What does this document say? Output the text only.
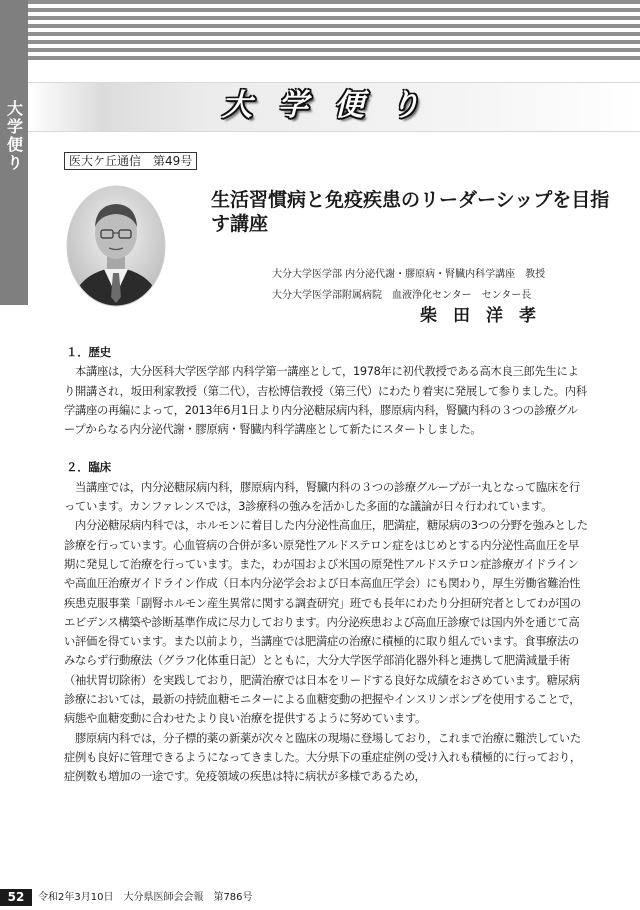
大学便り	大学便り
医大ケ丘通信　第49号
生活習慣病と免疫疾患のリーダーシップを目指す講座
大分大学医学部 内分泌代謝・膠原病・腎臓内科学講座　教授
大分大学医学部附属病院　血液浄化センター　センター長
柴田洋孝
１．歴史

　本講座は，大分医科大学医学部 内科学第一講座として，1978年に初代教授である高木良三郎先生により開講され，坂田利家教授（第二代），吉松博信教授（第三代）にわたり着実に発展して参りました。内科学講座の再編によって，2013年6月1日より内分泌糖尿病内科，膠原病内科，腎臓内科の３つの診療グループからなる内分泌代謝・膠原病・腎臓内科学講座として新たにスタートしました。

２．臨床

　当講座では，内分泌糖尿病内科，膠原病内科，腎臓内科の３つの診療グループが一丸となって臨床を行っています。カンファレンスでは，3診療科の強みを活かした多面的な議論が日々行われています。

　内分泌糖尿病内科では，ホルモンに着目した内分泌性高血圧，肥満症，糖尿病の3つの分野を強みとした診療を行っています。心血管病の合併が多い原発性アルドステロン症をはじめとする内分泌性高血圧を早期に発見して治療を行っています。また，わが国および米国の原発性アルドステロン症診療ガイドラインや高血圧治療ガイドライン作成（日本内分泌学会および日本高血圧学会）にも関わり，厚生労働省難治性疾患克服事業「副腎ホルモン産生異常に関する調査研究」班でも長年にわたり分担研究者としてわが国のエビデンス構築や診断基準作成に尽力しております。内分泌疾患および高血圧診療では国内外を通じて高い評価を得ています。また以前より，当講座では肥満症の治療に積極的に取り組んでいます。食事療法のみならず行動療法（グラフ化体重日記）とともに，大分大学医学部消化器外科と連携して肥満減量手術（袖状胃切除術）を実践しており，肥満治療では日本をリードする良好な成績をおさめています。糖尿病診療においては，最新の持続血糖モニターによる血糖変動の把握やインスリンポンプを使用することで，病態や血糖変動に合わせたより良い治療を提供するように努めています。

　膠原病内科では，分子標的薬の新薬が次々と臨床の現場に登場しており，これまで治療に難渋していた症例も良好に管理できるようになってきました。大分県下の重症症例の受け入れも積極的に行っており，症例数も増加の一途です。免疫領域の疾患は特に病状が多様であるため，

52	令和2年3月10日　大分県医師会会報　第786号
